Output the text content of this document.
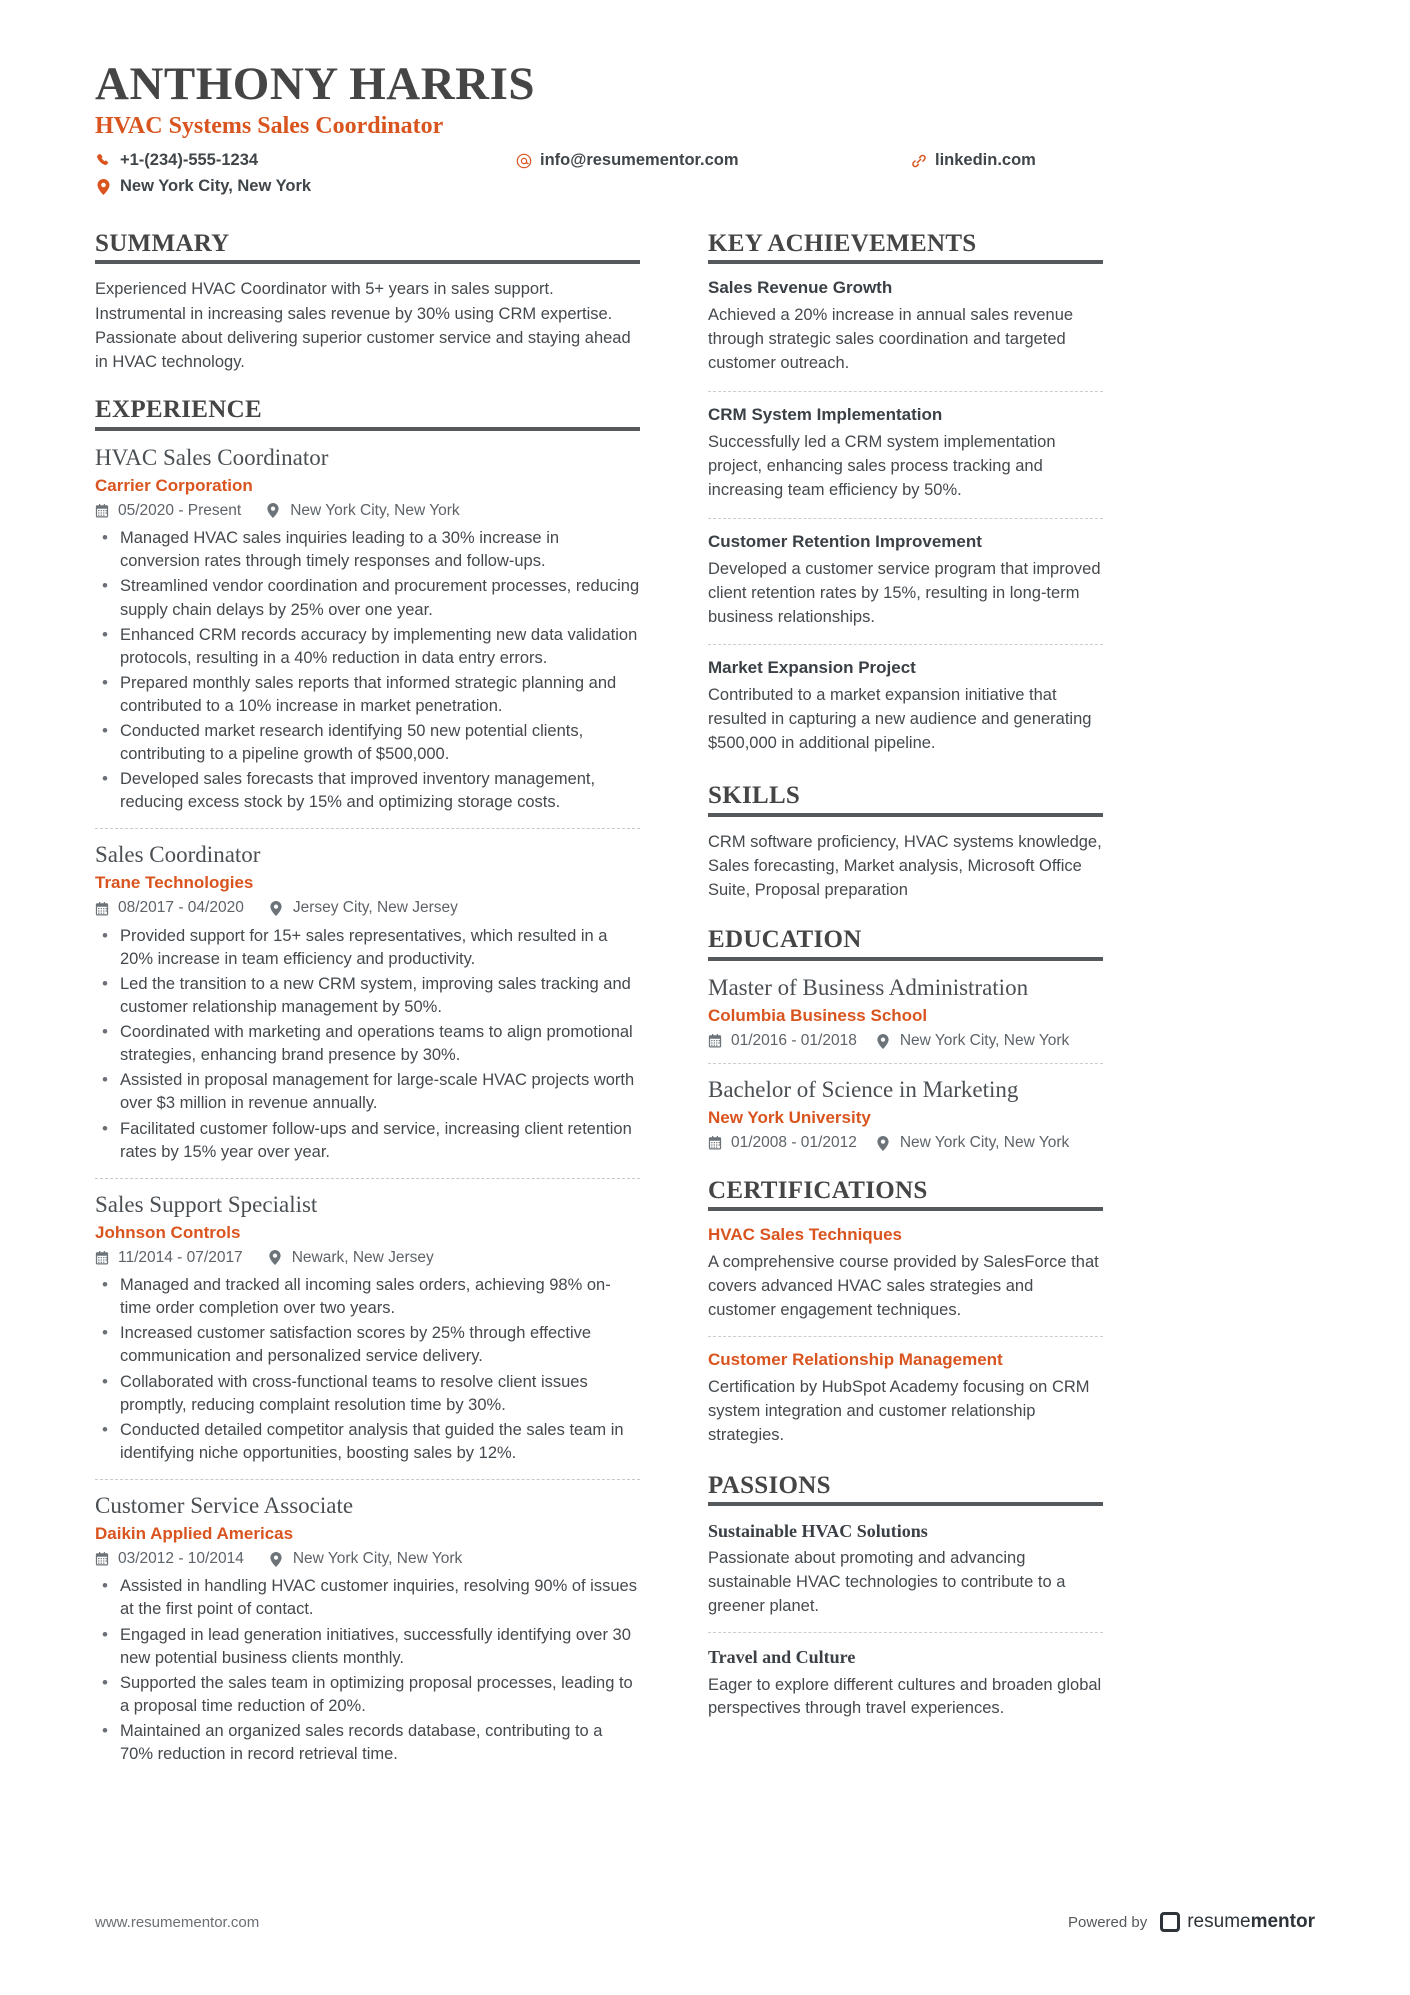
ANTHONY HARRIS
HVAC Systems Sales Coordinator
+1-(234)-555-1234	info@resumementor.com	linkedin.com
New York City, New York
SUMMARY
Experienced HVAC Coordinator with 5+ years in sales support. Instrumental in increasing sales revenue by 30% using CRM expertise. Passionate about delivering superior customer service and staying ahead in HVAC technology.
EXPERIENCE
HVAC Sales Coordinator
Carrier Corporation
05/2020 - Present	New York City, New York
• Managed HVAC sales inquiries leading to a 30% increase in conversion rates through timely responses and follow-ups.
• Streamlined vendor coordination and procurement processes, reducing supply chain delays by 25% over one year.
• Enhanced CRM records accuracy by implementing new data validation protocols, resulting in a 40% reduction in data entry errors.
• Prepared monthly sales reports that informed strategic planning and contributed to a 10% increase in market penetration.
• Conducted market research identifying 50 new potential clients, contributing to a pipeline growth of $500,000.
• Developed sales forecasts that improved inventory management, reducing excess stock by 15% and optimizing storage costs.
Sales Coordinator
Trane Technologies
08/2017 - 04/2020	Jersey City, New Jersey
• Provided support for 15+ sales representatives, which resulted in a 20% increase in team efficiency and productivity.
• Led the transition to a new CRM system, improving sales tracking and customer relationship management by 50%.
• Coordinated with marketing and operations teams to align promotional strategies, enhancing brand presence by 30%.
• Assisted in proposal management for large-scale HVAC projects worth over $3 million in revenue annually.
• Facilitated customer follow-ups and service, increasing client retention rates by 15% year over year.
Sales Support Specialist
Johnson Controls
11/2014 - 07/2017	Newark, New Jersey
• Managed and tracked all incoming sales orders, achieving 98% on-time order completion over two years.
• Increased customer satisfaction scores by 25% through effective communication and personalized service delivery.
• Collaborated with cross-functional teams to resolve client issues promptly, reducing complaint resolution time by 30%.
• Conducted detailed competitor analysis that guided the sales team in identifying niche opportunities, boosting sales by 12%.
Customer Service Associate
Daikin Applied Americas
03/2012 - 10/2014	New York City, New York
• Assisted in handling HVAC customer inquiries, resolving 90% of issues at the first point of contact.
• Engaged in lead generation initiatives, successfully identifying over 30 new potential business clients monthly.
• Supported the sales team in optimizing proposal processes, leading to a proposal time reduction of 20%.
• Maintained an organized sales records database, contributing to a 70% reduction in record retrieval time.
KEY ACHIEVEMENTS
Sales Revenue Growth
Achieved a 20% increase in annual sales revenue through strategic sales coordination and targeted customer outreach.
CRM System Implementation
Successfully led a CRM system implementation project, enhancing sales process tracking and increasing team efficiency by 50%.
Customer Retention Improvement
Developed a customer service program that improved client retention rates by 15%, resulting in long-term business relationships.
Market Expansion Project
Contributed to a market expansion initiative that resulted in capturing a new audience and generating $500,000 in additional pipeline.
SKILLS
CRM software proficiency, HVAC systems knowledge, Sales forecasting, Market analysis, Microsoft Office Suite, Proposal preparation
EDUCATION
Master of Business Administration
Columbia Business School
01/2016 - 01/2018	New York City, New York
Bachelor of Science in Marketing
New York University
01/2008 - 01/2012	New York City, New York
CERTIFICATIONS
HVAC Sales Techniques
A comprehensive course provided by SalesForce that covers advanced HVAC sales strategies and customer engagement techniques.
Customer Relationship Management
Certification by HubSpot Academy focusing on CRM system integration and customer relationship strategies.
PASSIONS
Sustainable HVAC Solutions
Passionate about promoting and advancing sustainable HVAC technologies to contribute to a greener planet.
Travel and Culture
Eager to explore different cultures and broaden global perspectives through travel experiences.
www.resumementor.com	Powered by resumementor
